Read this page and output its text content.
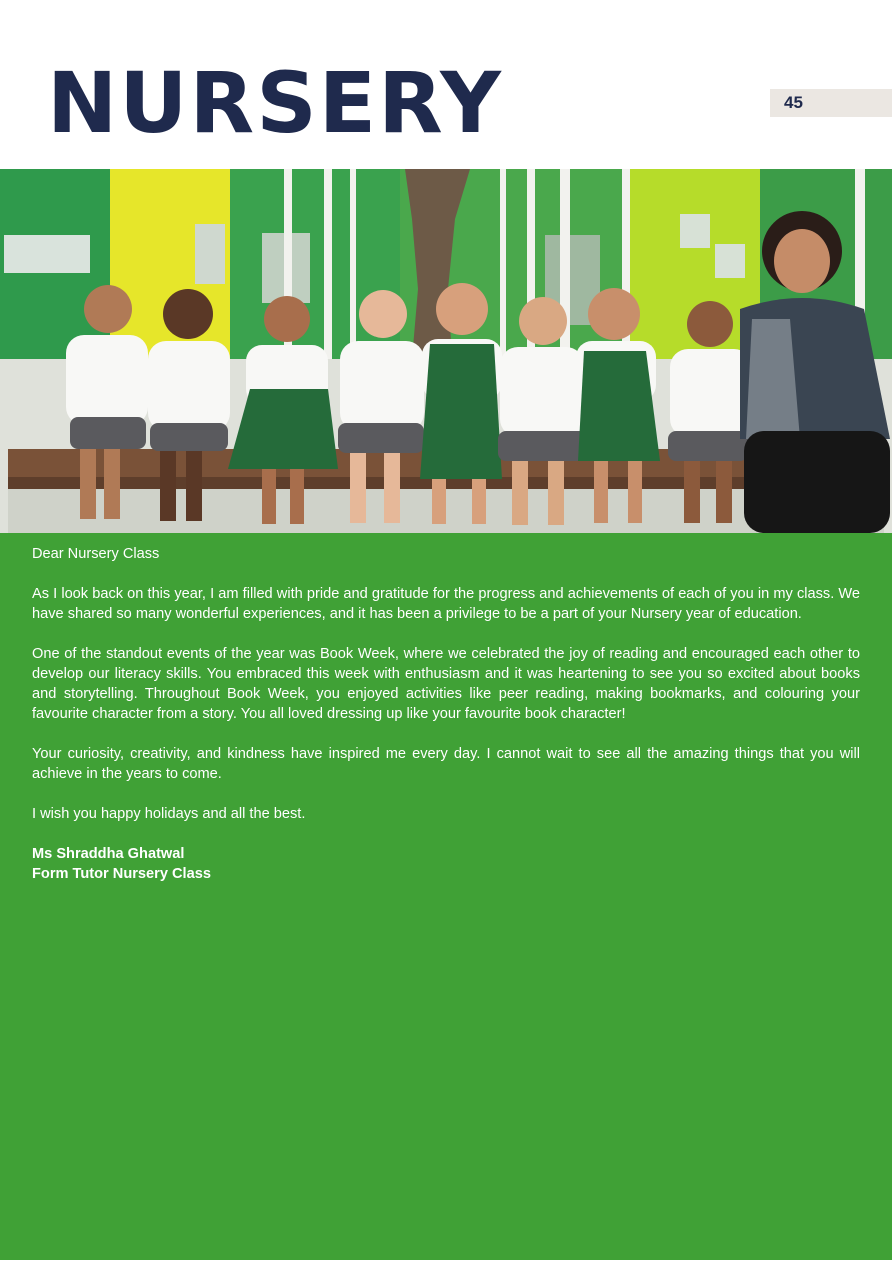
NURSERY	45

Dear Nursery Class

As I look back on this year, I am filled with pride and gratitude for the progress and achievements of each of you in my class. We have shared so many wonderful experiences, and it has been a privilege to be a part of your Nursery year of education.

One of the standout events of the year was Book Week, where we celebrated the joy of reading and encouraged each other to develop our literacy skills. You embraced this week with enthusiasm and it was heartening to see you so excited about books and storytelling. Throughout Book Week, you enjoyed activities like peer reading, making bookmarks, and colouring your favourite character from a story. You all loved dressing up like your favourite book character!

Your curiosity, creativity, and kindness have inspired me every day. I cannot wait to see all the amazing things that you will achieve in the years to come.

I wish you happy holidays and all the best.

Ms Shraddha Ghatwal

Form Tutor Nursery Class
